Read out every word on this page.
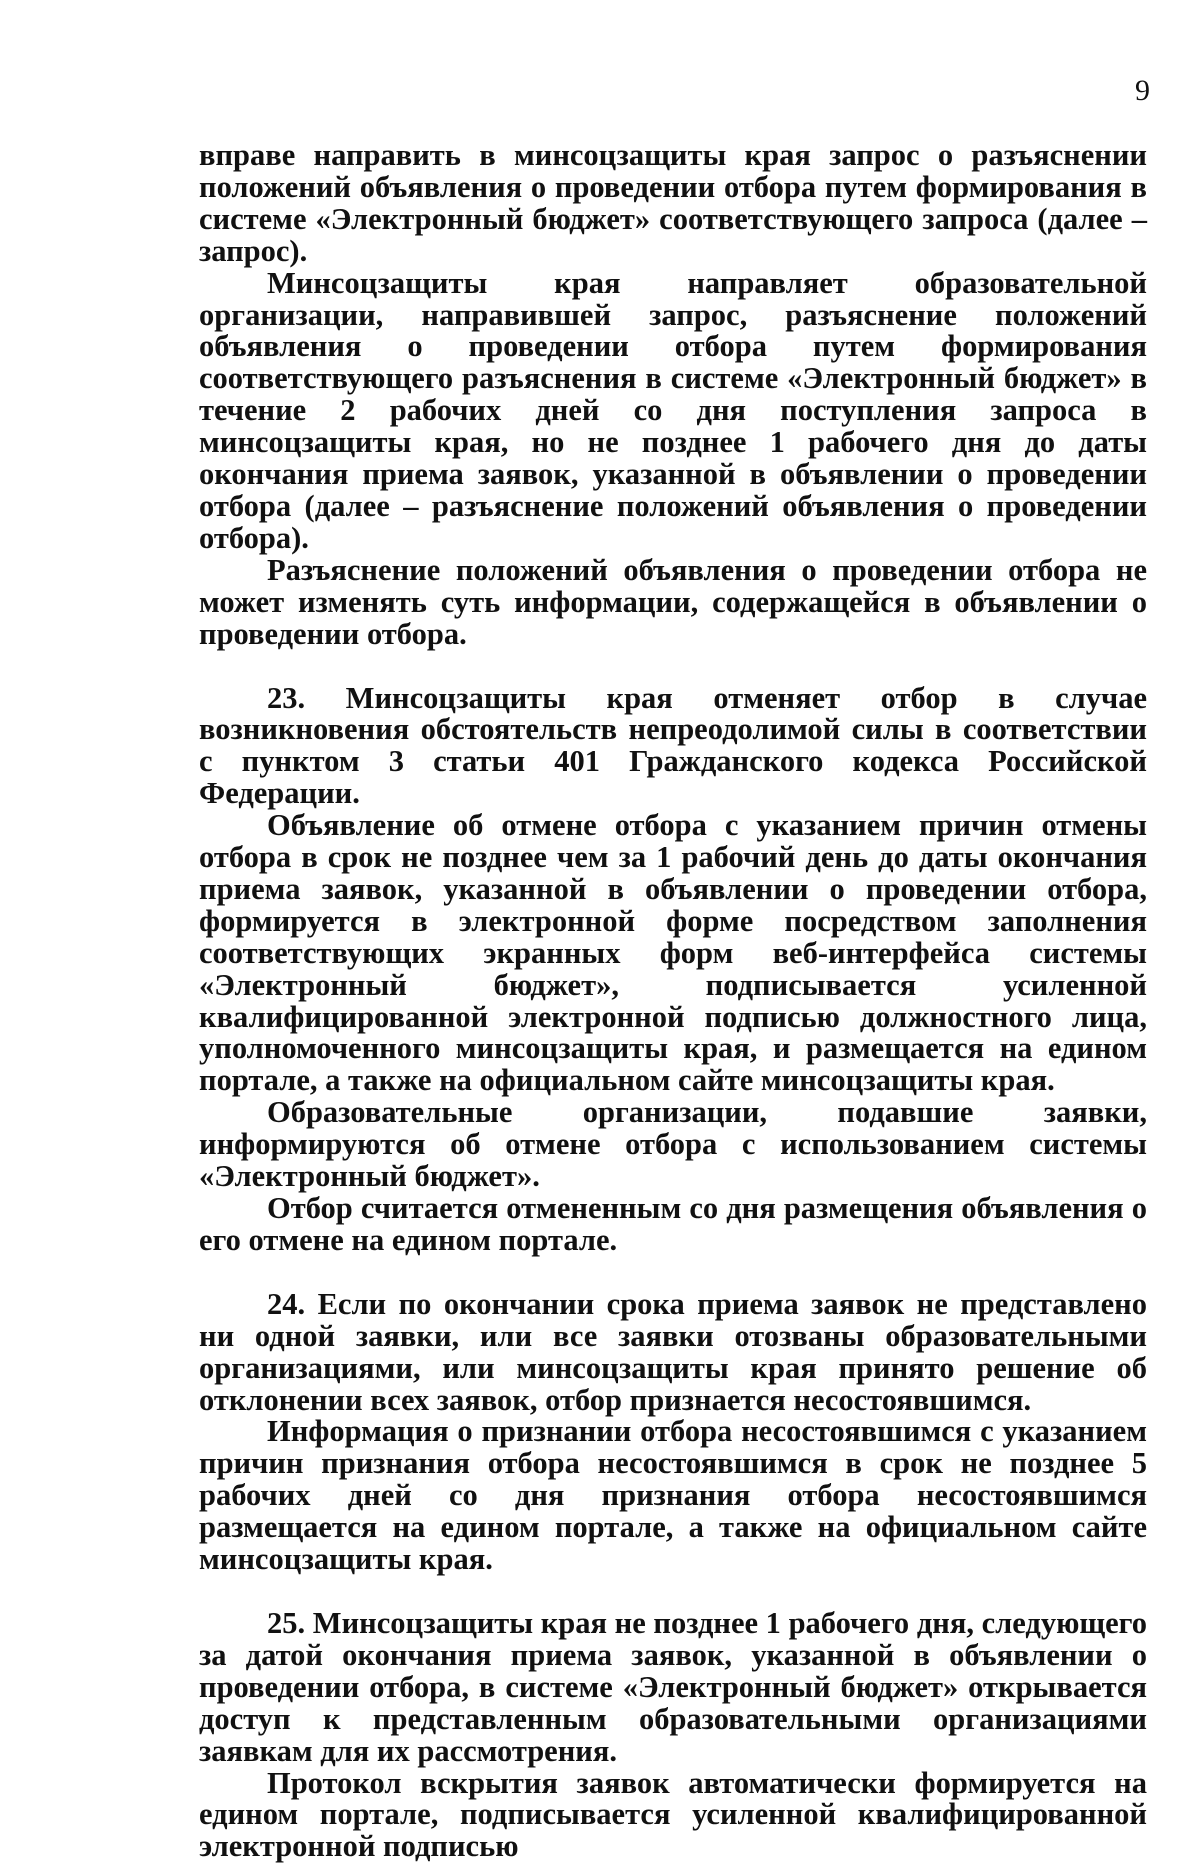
9

вправе направить в минсоцзащиты края запрос о разъяснении положений объявления о проведении отбора путем формирования в системе «Электронный бюджет» соответствующего запроса (далее – запрос).

Минсоцзащиты края направляет образовательной организации, направившей запрос, разъяснение положений объявления о проведении отбора путем формирования соответствующего разъяснения в системе «Электронный бюджет» в течение 2 рабочих дней со дня поступления запроса в минсоцзащиты края, но не позднее 1 рабочего дня до даты окончания приема заявок, указанной в объявлении о проведении отбора (далее – разъяснение положений объявления о проведении отбора).

Разъяснение положений объявления о проведении отбора не может изменять суть информации, содержащейся в объявлении о проведении отбора.

23. Минсоцзащиты края отменяет отбор в случае возникновения обстоятельств непреодолимой силы в соответствии с пунктом 3 статьи 401 Гражданского кодекса Российской Федерации.

Объявление об отмене отбора с указанием причин отмены отбора в срок не позднее чем за 1 рабочий день до даты окончания приема заявок, указанной в объявлении о проведении отбора, формируется в электронной форме посредством заполнения соответствующих экранных форм веб-интерфейса системы «Электронный бюджет», подписывается усиленной квалифицированной электронной подписью должностного лица, уполномоченного минсоцзащиты края, и размещается на едином портале, а также на официальном сайте минсоцзащиты края.

Образовательные организации, подавшие заявки, информируются об отмене отбора с использованием системы «Электронный бюджет».

Отбор считается отмененным со дня размещения объявления о его отмене на едином портале.

24. Если по окончании срока приема заявок не представлено ни одной заявки, или все заявки отозваны образовательными организациями, или минсоцзащиты края принято решение об отклонении всех заявок, отбор признается несостоявшимся.

Информация о признании отбора несостоявшимся с указанием причин признания отбора несостоявшимся в срок не позднее 5 рабочих дней со дня признания отбора несостоявшимся размещается на едином портале, а также на официальном сайте минсоцзащиты края.

25. Минсоцзащиты края не позднее 1 рабочего дня, следующего за датой окончания приема заявок, указанной в объявлении о проведении отбора, в системе «Электронный бюджет» открывается доступ к представленным образовательными организациями заявкам для их рассмотрения.

Протокол вскрытия заявок автоматически формируется на едином портале, подписывается усиленной квалифицированной электронной подписью
